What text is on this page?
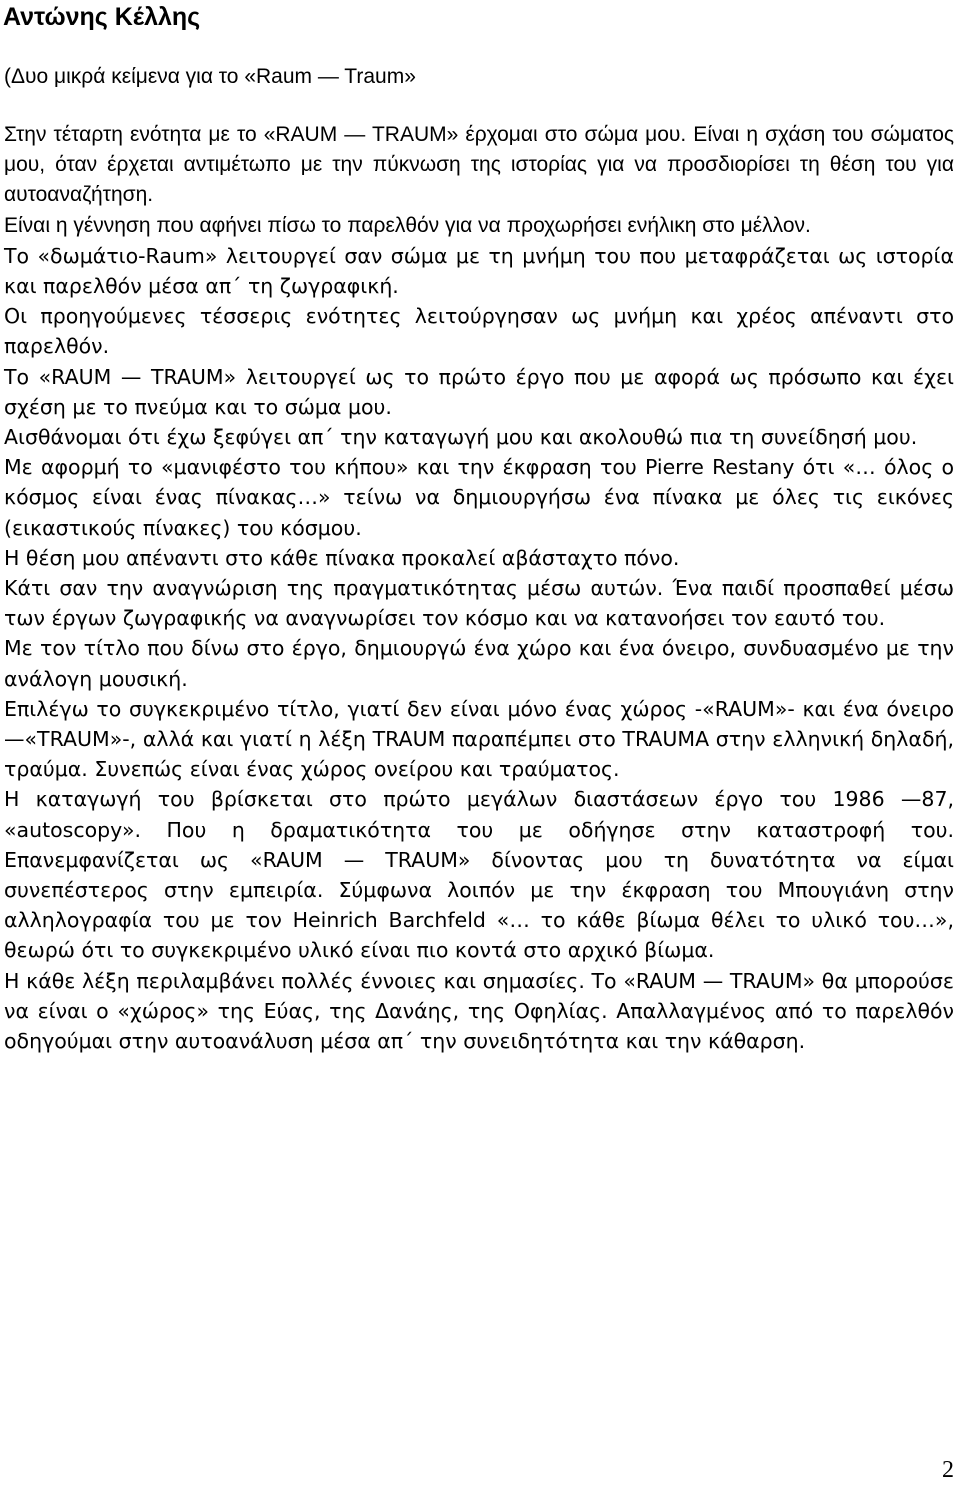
Αντώνης Κέλλης

(Δυο μικρά κείμενα για το «Raum — Traum»

Στην τέταρτη ενότητα με το «RAUM — TRAUM» έρχομαι στο σώμα μου. Είναι η σχάση του σώματος μου, όταν έρχεται αντιμέτωπο με την πύκνωση της ιστορίας για να προσδιορίσει τη θέση του για αυτοαναζήτηση.

Είναι η γέννηση που αφήνει πίσω το παρελθόν για να προχωρήσει ενήλικη στο μέλλον.

Το «δωμάτιο-Raum» λειτουργεί σαν σώμα με τη μνήμη του που μεταφράζεται ως ιστορία και παρελθόν μέσα απ΄ τη ζωγραφική.

Οι προηγούμενες τέσσερις ενότητες λειτούργησαν ως μνήμη και χρέος απέναντι στο παρελθόν.

Το «RAUM — TRAUM» λειτουργεί ως το πρώτο έργο που με αφορά ως πρόσωπο και έχει σχέση με το πνεύμα και το σώμα μου.

Αισθάνομαι ότι έχω ξεφύγει απ΄ την καταγωγή μου και ακολουθώ πια τη συνείδησή μου.

Με αφορμή το «μανιφέστο του κήπου» και την έκφραση του Pierre Restany ότι «… όλος ο κόσμος είναι ένας πίνακας…» τείνω να δημιουργήσω ένα πίνακα με όλες τις εικόνες (εικαστικούς πίνακες) του κόσμου.

Η θέση μου απέναντι στο κάθε πίνακα προκαλεί αβάσταχτο πόνο.

Κάτι σαν την αναγνώριση της πραγματικότητας μέσω αυτών. Ένα παιδί προσπαθεί μέσω των έργων ζωγραφικής να αναγνωρίσει τον κόσμο και να κατανοήσει τον εαυτό του.

Με τον τίτλο που δίνω στο έργο, δημιουργώ ένα χώρο και ένα όνειρο, συνδυασμένο με την ανάλογη μουσική.

Επιλέγω το συγκεκριμένο τίτλο, γιατί δεν είναι μόνο ένας χώρος -«RAUM»- και ένα όνειρο —«TRAUM»-, αλλά και γιατί η λέξη TRAUM παραπέμπει στο TRAUMA στην ελληνική δηλαδή, τραύμα. Συνεπώς είναι ένας χώρος ονείρου και τραύματος.

Η καταγωγή του βρίσκεται στο πρώτο μεγάλων διαστάσεων έργο του 1986 —87, «autoscopy». Που η δραματικότητα του με οδήγησε στην καταστροφή του. Επανεμφανίζεται ως «RAUM — TRAUM» δίνοντας μου τη δυνατότητα να είμαι συνεπέστερος στην εμπειρία. Σύμφωνα λοιπόν με την έκφραση του Μπουγιάνη στην αλληλογραφία του με τον Heinrich Barchfeld «… το κάθε βίωμα θέλει το υλικό του…», θεωρώ ότι το συγκεκριμένο υλικό είναι πιο κοντά στο αρχικό βίωμα.

Η κάθε λέξη περιλαμβάνει πολλές έννοιες και σημασίες. Το «RAUM — TRAUM» θα μπορούσε να είναι ο «χώρος» της Εύας, της Δανάης, της Οφηλίας. Απαλλαγμένος από το παρελθόν οδηγούμαι στην αυτοανάλυση μέσα απ΄ την συνειδητότητα και την κάθαρση.

2
